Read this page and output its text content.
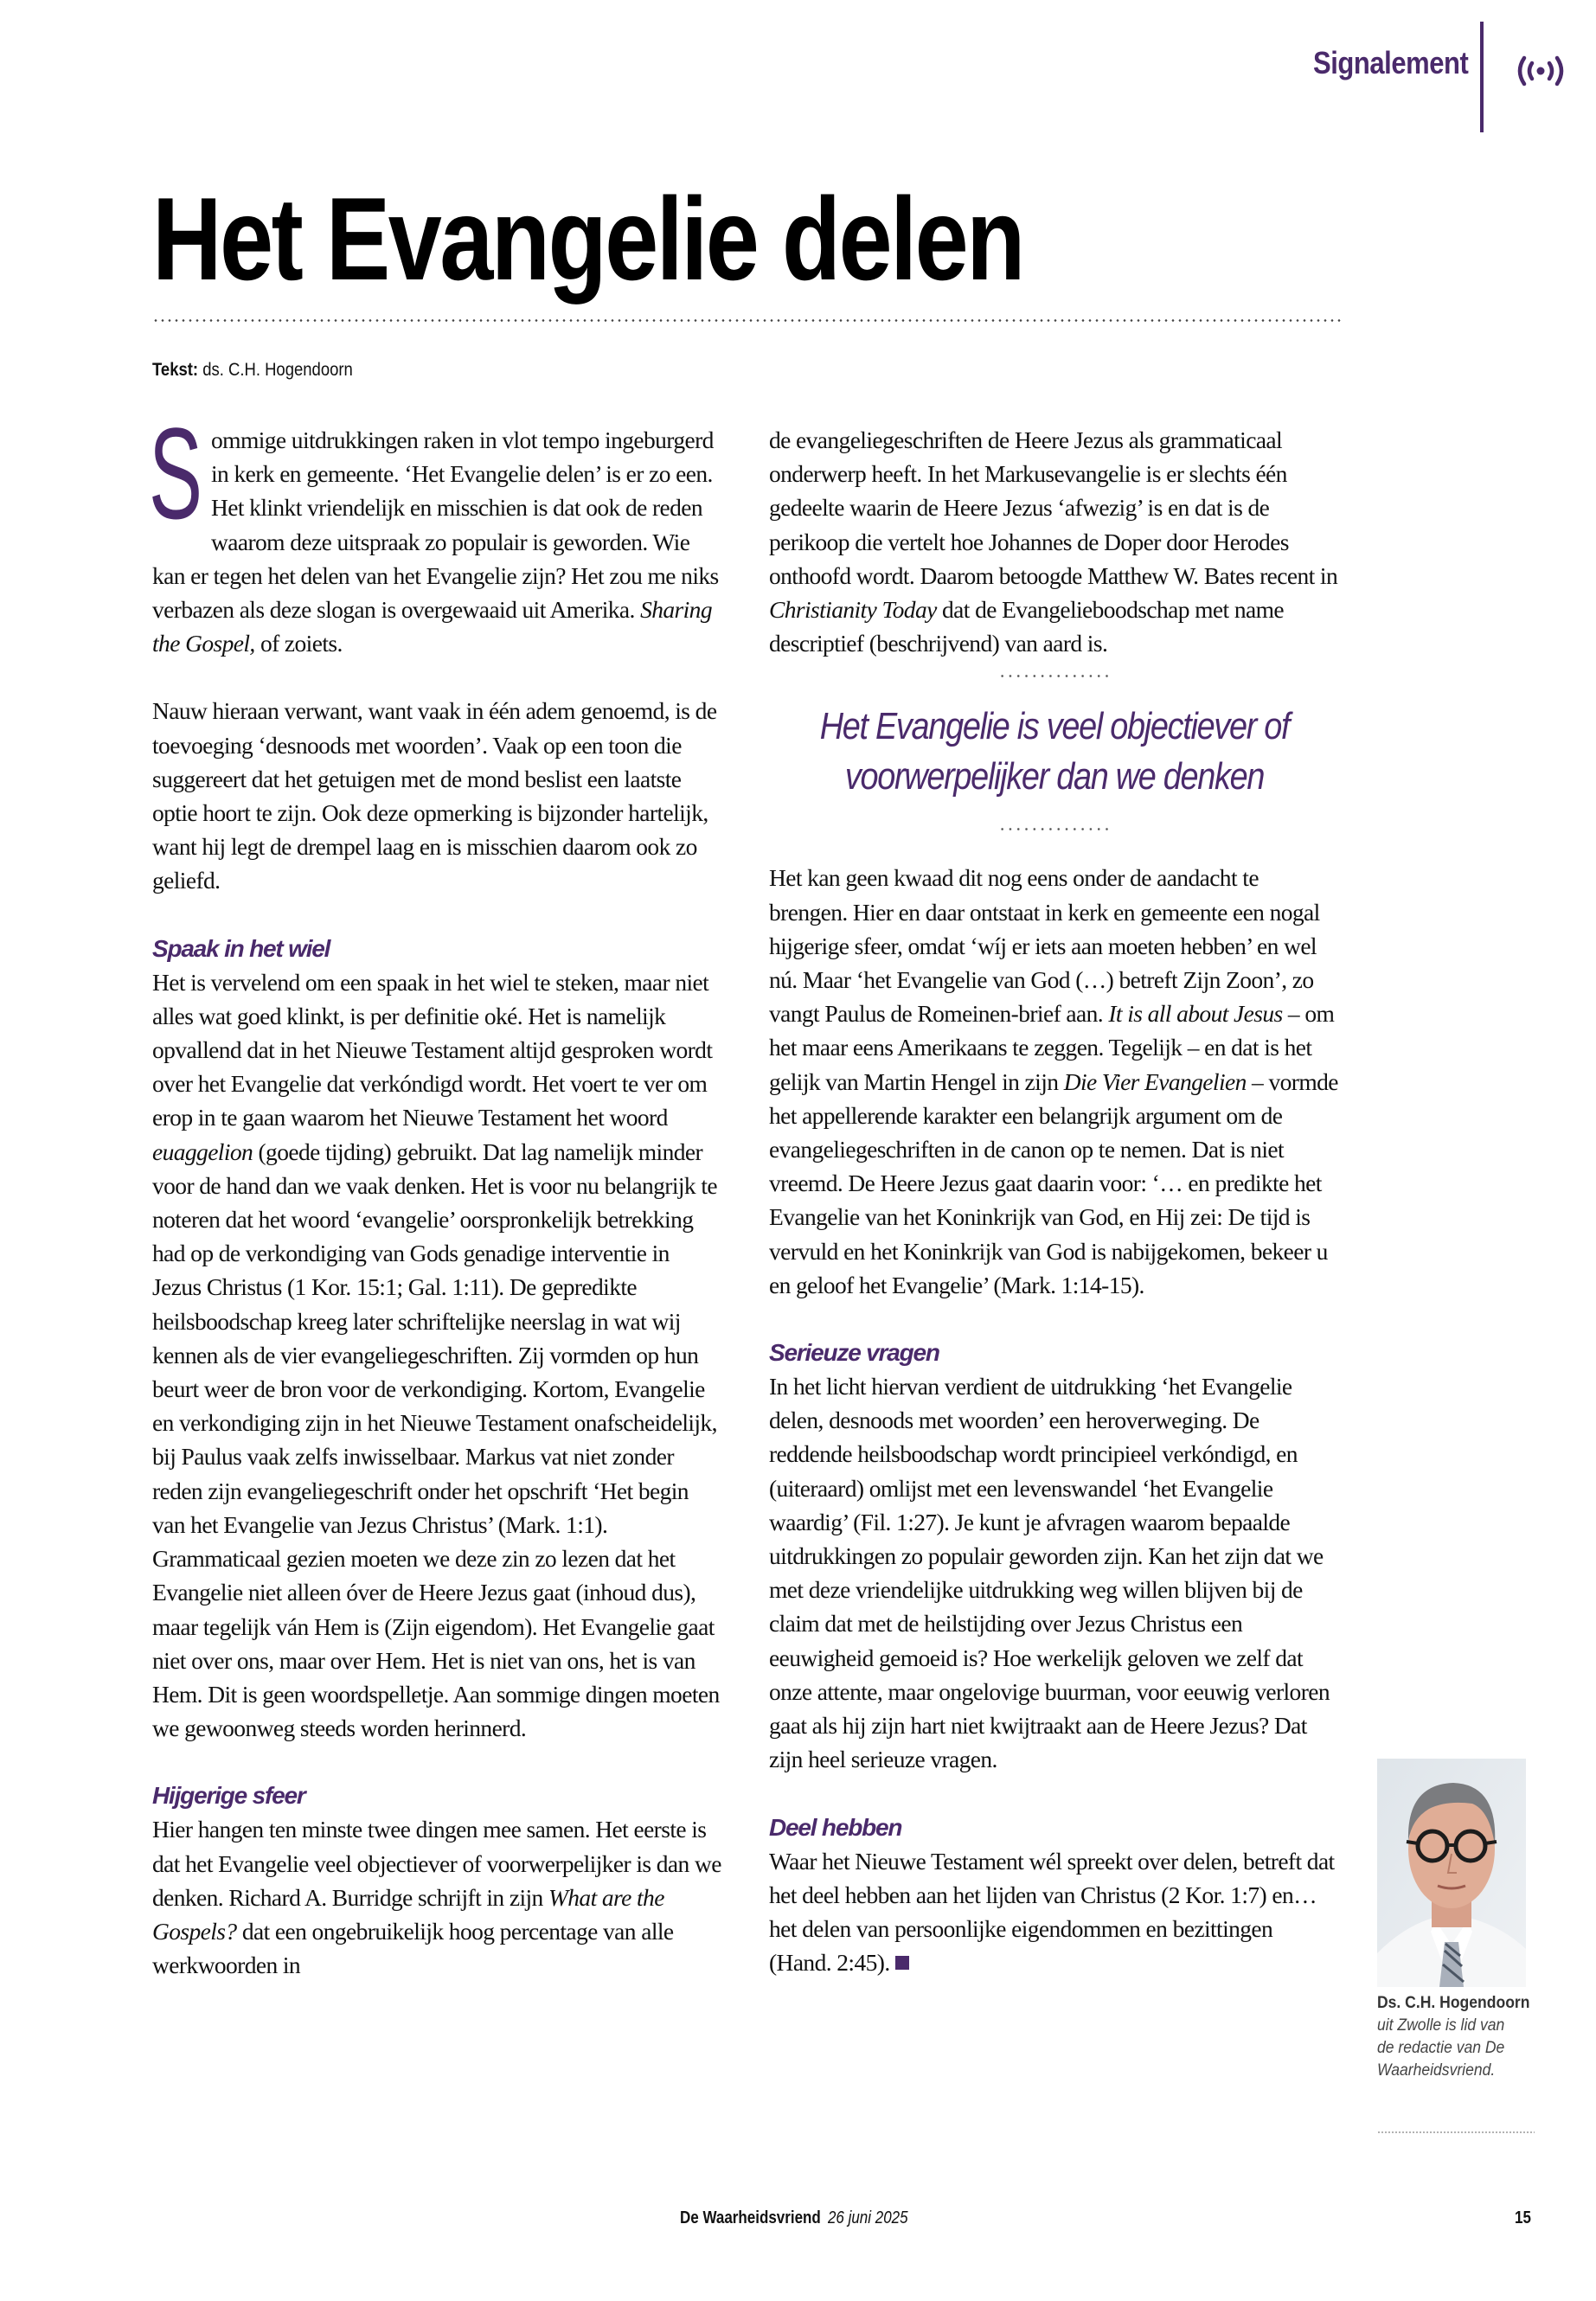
Signalement
Het Evangelie delen
Tekst: ds. C.H. Hogendoorn

Sommige uitdrukkingen raken in vlot tempo ingeburgerd in kerk en gemeente. ‘Het Evangelie delen’ is er zo een. Het klinkt vriendelijk en misschien is dat ook de reden waarom deze uitspraak zo populair is geworden. Wie kan er tegen het delen van het Evangelie zijn? Het zou me niks verbazen als deze slogan is overgewaaid uit Amerika. Sharing the Gospel, of zoiets.

Nauw hieraan verwant, want vaak in één adem genoemd, is de toevoeging ‘desnoods met woorden’. Vaak op een toon die suggereert dat het getuigen met de mond beslist een laatste optie hoort te zijn. Ook deze opmerking is bijzonder hartelijk, want hij legt de drempel laag en is misschien daarom ook zo geliefd.

Spaak in het wiel

Het is vervelend om een spaak in het wiel te steken, maar niet alles wat goed klinkt, is per definitie oké. Het is namelijk opvallend dat in het Nieuwe Testament altijd gesproken wordt over het Evangelie dat verkóndigd wordt. Het voert te ver om erop in te gaan waarom het Nieuwe Testament het woord euaggelion (goede tijding) gebruikt. Dat lag namelijk minder voor de hand dan we vaak denken. Het is voor nu belangrijk te noteren dat het woord ‘evangelie’ oorspronkelijk betrekking had op de verkondiging van Gods genadige interventie in Jezus Christus (1 Kor. 15:1; Gal. 1:11). De gepredikte heilsboodschap kreeg later schriftelijke neerslag in wat wij kennen als de vier evangeliegeschriften. Zij vormden op hun beurt weer de bron voor de verkondiging. Kortom, Evangelie en verkondiging zijn in het Nieuwe Testament onafscheidelijk, bij Paulus vaak zelfs inwisselbaar. Markus vat niet zonder reden zijn evangeliegeschrift onder het opschrift ‘Het begin van het Evangelie van Jezus Christus’ (Mark. 1:1). Grammaticaal gezien moeten we deze zin zo lezen dat het Evangelie niet alleen óver de Heere Jezus gaat (inhoud dus), maar tegelijk ván Hem is (Zijn eigendom). Het Evangelie gaat niet over ons, maar over Hem. Het is niet van ons, het is van Hem. Dit is geen woordspelletje. Aan sommige dingen moeten we gewoonweg steeds worden herinnerd.

Hijgerige sfeer

Hier hangen ten minste twee dingen mee samen. Het eerste is dat het Evangelie veel objectiever of voorwerpelijker is dan we denken. Richard A. Burridge schrijft in zijn What are the Gospels? dat een ongebruikelijk hoog percentage van alle werkwoorden in

de evangeliegeschriften de Heere Jezus als grammaticaal onderwerp heeft. In het Markusevangelie is er slechts één gedeelte waarin de Heere Jezus ‘afwezig’ is en dat is de perikoop die vertelt hoe Johannes de Doper door Herodes onthoofd wordt. Daarom betoogde Matthew W. Bates recent in Christianity Today dat de Evangelieboodschap met name descriptief (beschrijvend) van aard is.

Het Evangelie is veel objectiever of voorwerpelijker dan we denken

Het kan geen kwaad dit nog eens onder de aandacht te brengen. Hier en daar ontstaat in kerk en gemeente een nogal hijgerige sfeer, omdat ‘wíj er iets aan moeten hebben’ en wel nú. Maar ‘het Evangelie van God (…) betreft Zijn Zoon’, zo vangt Paulus de Romeinen-brief aan. It is all about Jesus – om het maar eens Amerikaans te zeggen. Tegelijk – en dat is het gelijk van Martin Hengel in zijn Die Vier Evangelien – vormde het appellerende karakter een belangrijk argument om de evangeliegeschriften in de canon op te nemen. Dat is niet vreemd. De Heere Jezus gaat daarin voor: ‘… en predikte het Evangelie van het Koninkrijk van God, en Hij zei: De tijd is vervuld en het Koninkrijk van God is nabijgekomen, bekeer u en geloof het Evangelie’ (Mark. 1:14-15).

Serieuze vragen

In het licht hiervan verdient de uitdrukking ‘het Evangelie delen, desnoods met woorden’ een heroverweging. De reddende heilsboodschap wordt principieel verkóndigd, en (uiteraard) omlijst met een levenswandel ‘het Evangelie waardig’ (Fil. 1:27). Je kunt je afvragen waarom bepaalde uitdrukkingen zo populair geworden zijn. Kan het zijn dat we met deze vriendelijke uitdrukking weg willen blijven bij de claim dat met de heilstijding over Jezus Christus een eeuwigheid gemoeid is? Hoe werkelijk geloven we zelf dat onze attente, maar ongelovige buurman, voor eeuwig verloren gaat als hij zijn hart niet kwijtraakt aan de Heere Jezus? Dat zijn heel serieuze vragen.

Deel hebben

Waar het Nieuwe Testament wél spreekt over delen, betreft dat het deel hebben aan het lijden van Christus (2 Kor. 1:7) en… het delen van persoonlijke eigendommen en bezittingen (Hand. 2:45).

Ds. C.H. Hogendoorn
uit Zwolle is lid van de redactie van De Waarheidsvriend.
De Waarheidsvriend 26 juni 2025	15
